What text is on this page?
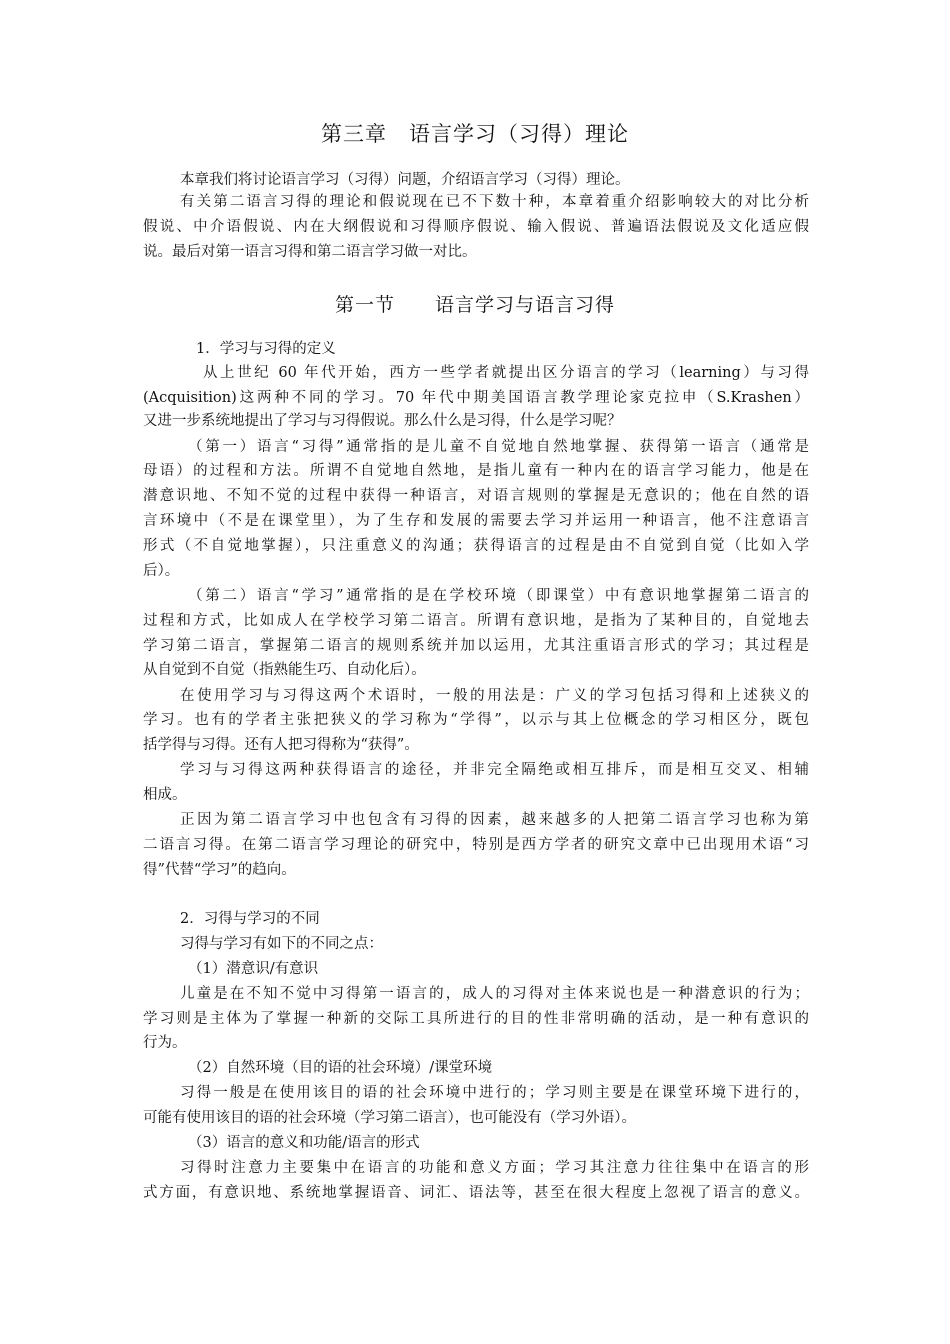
第三章　语言学习（习得）理论
本章我们将讨论语言学习（习得）问题，介绍语言学习（习得）理论。
有关第二语言习得的理论和假说现在已不下数十种，本章着重介绍影响较大的对比分析
假说、中介语假说、内在大纲假说和习得顺序假说、输入假说、普遍语法假说及文化适应假
说。最后对第一语言习得和第二语言学习做一对比。
第一节　　语言学习与语言习得
1．学习与习得的定义
从上世纪 60 年代开始，西方一些学者就提出区分语言的学习（learning）与习得
(Acquisition)这两种不同的学习。70 年代中期美国语言教学理论家克拉申（S.Krashen）
又进一步系统地提出了学习与习得假说。那么什么是习得，什么是学习呢？
（第一）语言“习得”通常指的是儿童不自觉地自然地掌握、获得第一语言（通常是
母语）的过程和方法。所谓不自觉地自然地，是指儿童有一种内在的语言学习能力，他是在
潜意识地、不知不觉的过程中获得一种语言，对语言规则的掌握是无意识的；他在自然的语
言环境中（不是在课堂里），为了生存和发展的需要去学习并运用一种语言，他不注意语言
形式（不自觉地掌握），只注重意义的沟通；获得语言的过程是由不自觉到自觉（比如入学
后）。
（第二）语言“学习”通常指的是在学校环境（即课堂）中有意识地掌握第二语言的
过程和方式，比如成人在学校学习第二语言。所谓有意识地，是指为了某种目的，自觉地去
学习第二语言，掌握第二语言的规则系统并加以运用，尤其注重语言形式的学习；其过程是
从自觉到不自觉（指熟能生巧、自动化后）。
在使用学习与习得这两个术语时，一般的用法是：广义的学习包括习得和上述狭义的
学习。也有的学者主张把狭义的学习称为“学得”，以示与其上位概念的学习相区分，既包
括学得与习得。还有人把习得称为“获得”。
学习与习得这两种获得语言的途径，并非完全隔绝或相互排斥，而是相互交叉、相辅
相成。
正因为第二语言学习中也包含有习得的因素，越来越多的人把第二语言学习也称为第
二语言习得。在第二语言学习理论的研究中，特别是西方学者的研究文章中已出现用术语“习
得”代替“学习”的趋向。
2．习得与学习的不同
习得与学习有如下的不同之点：
（1）潜意识/有意识
儿童是在不知不觉中习得第一语言的，成人的习得对主体来说也是一种潜意识的行为；
学习则是主体为了掌握一种新的交际工具所进行的目的性非常明确的活动，是一种有意识的
行为。
（2）自然环境（目的语的社会环境）/课堂环境
习得一般是在使用该目的语的社会环境中进行的；学习则主要是在课堂环境下进行的，
可能有使用该目的语的社会环境（学习第二语言），也可能没有（学习外语）。
（3）语言的意义和功能/语言的形式
习得时注意力主要集中在语言的功能和意义方面；学习其注意力往往集中在语言的形
式方面，有意识地、系统地掌握语音、词汇、语法等，甚至在很大程度上忽视了语言的意义。
